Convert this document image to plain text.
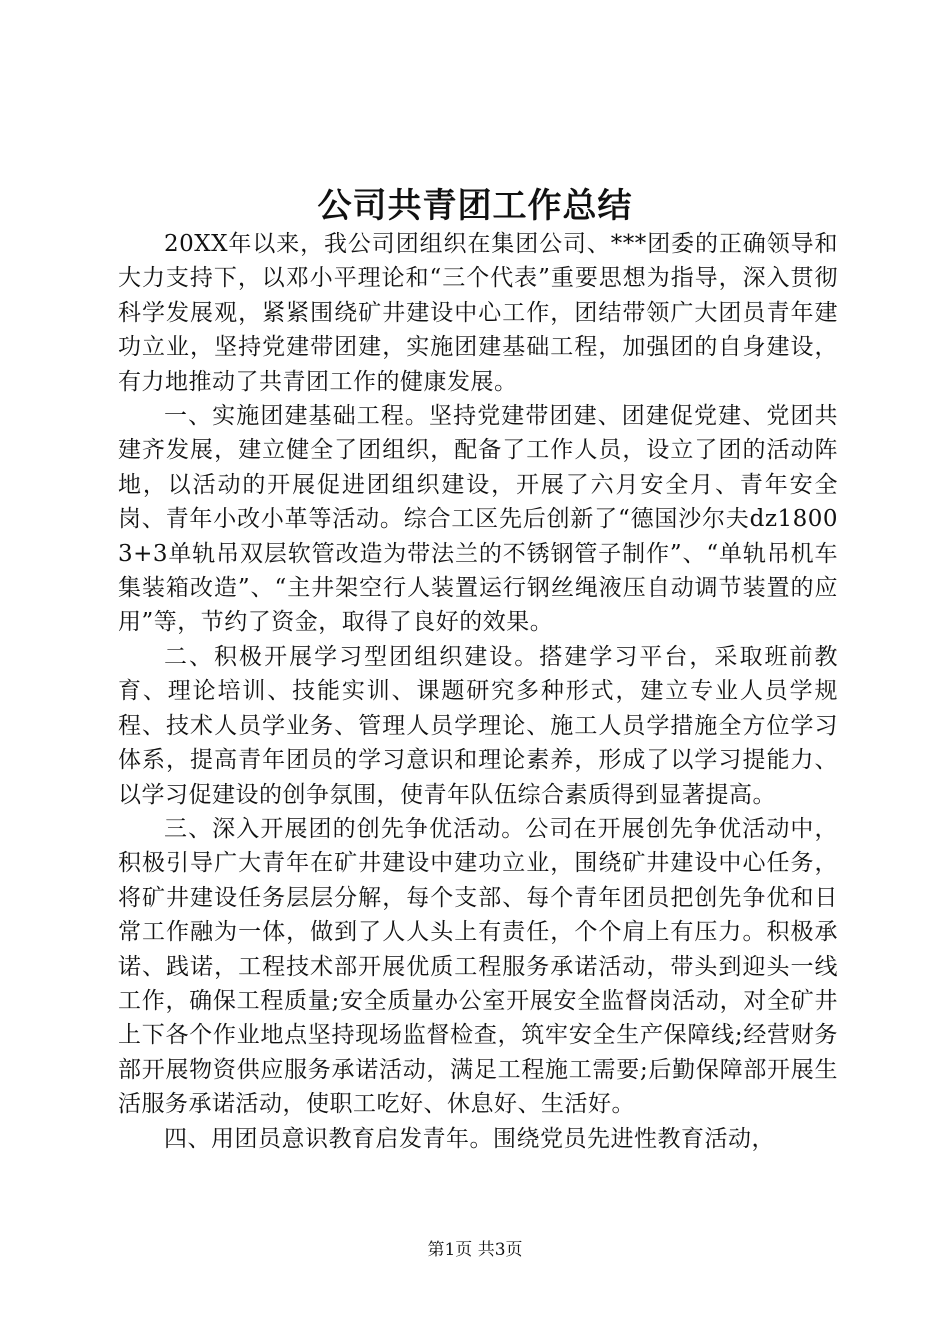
公司共青团工作总结

20XX年以来，我公司团组织在集团公司、***团委的正确领导和大力支持下，以邓小平理论和“三个代表”重要思想为指导，深入贯彻科学发展观，紧紧围绕矿井建设中心工作，团结带领广大团员青年建功立业，坚持党建带团建，实施团建基础工程，加强团的自身建设，有力地推动了共青团工作的健康发展。

一、实施团建基础工程。坚持党建带团建、团建促党建、党团共建齐发展，建立健全了团组织，配备了工作人员，设立了团的活动阵地，以活动的开展促进团组织建设，开展了六月安全月、青年安全岗、青年小改小革等活动。综合工区先后创新了“德国沙尔夫dz18003+3单轨吊双层软管改造为带法兰的不锈钢管子制作”、“单轨吊机车集装箱改造”、“主井架空行人装置运行钢丝绳液压自动调节装置的应用”等，节约了资金，取得了良好的效果。

二、积极开展学习型团组织建设。搭建学习平台，采取班前教育、理论培训、技能实训、课题研究多种形式，建立专业人员学规程、技术人员学业务、管理人员学理论、施工人员学措施全方位学习体系，提高青年团员的学习意识和理论素养，形成了以学习提能力、以学习促建设的创争氛围，使青年队伍综合素质得到显著提高。

三、深入开展团的创先争优活动。公司在开展创先争优活动中，积极引导广大青年在矿井建设中建功立业，围绕矿井建设中心任务，将矿井建设任务层层分解，每个支部、每个青年团员把创先争优和日常工作融为一体，做到了人人头上有责任，个个肩上有压力。积极承诺、践诺，工程技术部开展优质工程服务承诺活动，带头到迎头一线工作，确保工程质量;安全质量办公室开展安全监督岗活动，对全矿井上下各个作业地点坚持现场监督检查，筑牢安全生产保障线;经营财务部开展物资供应服务承诺活动，满足工程施工需要;后勤保障部开展生活服务承诺活动，使职工吃好、休息好、生活好。

四、用团员意识教育启发青年。围绕党员先进性教育活动，

第1页 共3页
